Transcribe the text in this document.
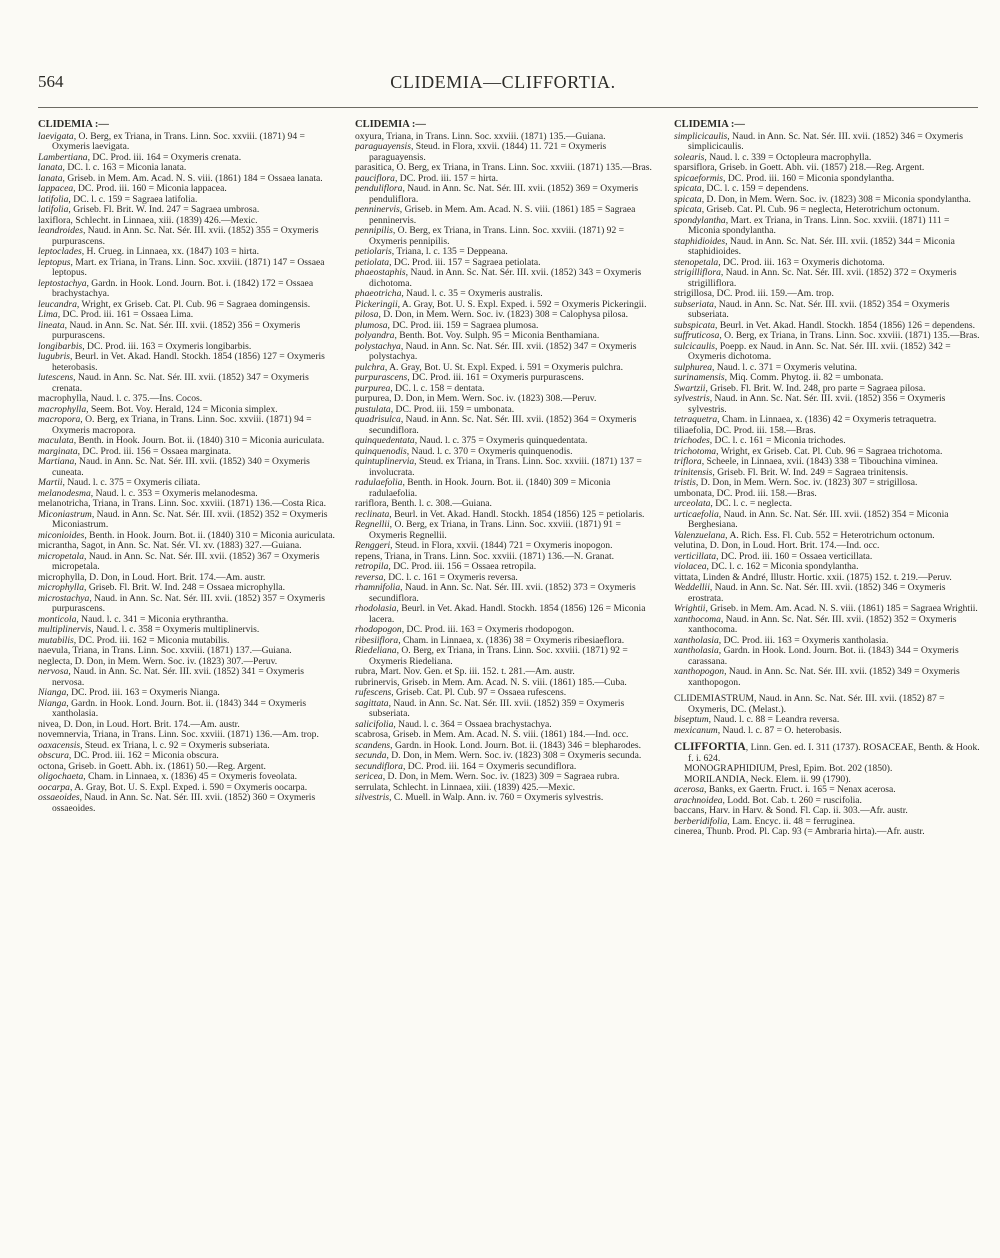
564	CLIDEMIA—CLIFFORTIA.
CLIDEMIA :—
laevigata, O. Berg, ex Triana, in Trans. Linn. Soc. xxviii. (1871) 94 = Oxymeris laevigata.
Lambertiana, DC. Prod. iii. 164 = Oxymeris crenata.
lanata, DC. l. c. 163 = Miconia lanata.
lanata, Griseb. in Mem. Am. Acad. N. S. viii. (1861) 184 = Ossaea lanata.
lappacea, DC. Prod. iii. 160 = Miconia lappacea.
latifolia, DC. l. c. 159 = Sagraea latifolia.
latifolia, Griseb. Fl. Brit. W. Ind. 247 = Sagraea umbrosa.
laxiflora, Schlecht. in Linnaea, xiii. (1839) 426.—Mexic.
leandroides, Naud. in Ann. Sc. Nat. Sér. III. xvii. (1852) 355 = Oxymeris purpurascens.
leptoclades, H. Crueg. in Linnaea, xx. (1847) 103 = hirta.
leptopus, Mart. ex Triana, in Trans. Linn. Soc. xxviii. (1871) 147 = Ossaea leptopus.
leptostachya, Gardn. in Hook. Lond. Journ. Bot. i. (1842) 172 = Ossaea brachystachya.
leucandra, Wright, ex Griseb. Cat. Pl. Cub. 96 = Sagraea domingensis.
Lima, DC. Prod. iii. 161 = Ossaea Lima.
lineata, Naud. in Ann. Sc. Nat. Sér. III. xvii. (1852) 356 = Oxymeris purpurascens.
longibarbis, DC. Prod. iii. 163 = Oxymeris longibarbis.
lugubris, Beurl. in Vet. Akad. Handl. Stockh. 1854 (1856) 127 = Oxymeris heterobasis.
lutescens, Naud. in Ann. Sc. Nat. Sér. III. xvii. (1852) 347 = Oxymeris crenata.
macrophylla, Naud. l. c. 375.—Ins. Cocos.
macrophylla, Seem. Bot. Voy. Herald, 124 = Miconia simplex.
macropora, O. Berg, ex Triana, in Trans. Linn. Soc. xxviii. (1871) 94 = Oxymeris macropora.
maculata, Benth. in Hook. Journ. Bot. ii. (1840) 310 = Miconia auriculata.
marginata, DC. Prod. iii. 156 = Ossaea marginata.
Martiana, Naud. in Ann. Sc. Nat. Sér. III. xvii. (1852) 340 = Oxymeris cuneata.
Martii, Naud. l. c. 375 = Oxymeris ciliata.
melanodesma, Naud. l. c. 353 = Oxymeris melanodesma.
melanotricha, Triana, in Trans. Linn. Soc. xxviii. (1871) 136.—Costa Rica.
Miconiastrum, Naud. in Ann. Sc. Nat. Sér. III. xvii. (1852) 352 = Oxymeris Miconiastrum.
miconioides, Benth. in Hook. Journ. Bot. ii. (1840) 310 = Miconia auriculata.
micrantha, Sagot, in Ann. Sc. Nat. Sér. VI. xv. (1883) 327.—Guiana.
micropetala, Naud. in Ann. Sc. Nat. Sér. III. xvii. (1852) 367 = Oxymeris micropetala.
microphylla, D. Don, in Loud. Hort. Brit. 174.—Am. austr.
microphylla, Griseb. Fl. Brit. W. Ind. 248 = Ossaea microphylla.
microstachya, Naud. in Ann. Sc. Nat. Sér. III. xvii. (1852) 357 = Oxymeris purpurascens.
monticola, Naud. l. c. 341 = Miconia erythrantha.
multiplinervis, Naud. l. c. 358 = Oxymeris multiplinervis.
mutabilis, DC. Prod. iii. 162 = Miconia mutabilis.
naevula, Triana, in Trans. Linn. Soc. xxviii. (1871) 137.—Guiana.
neglecta, D. Don, in Mem. Wern. Soc. iv. (1823) 307.—Peruv.
nervosa, Naud. in Ann. Sc. Nat. Sér. III. xvii. (1852) 341 = Oxymeris nervosa.
Nianga, DC. Prod. iii. 163 = Oxymeris Nianga.
Nianga, Gardn. in Hook. Lond. Journ. Bot. ii. (1843) 344 = Oxymeris xantholasia.
nivea, D. Don, in Loud. Hort. Brit. 174.—Am. austr.
novemnervia, Triana, in Trans. Linn. Soc. xxviii. (1871) 136.—Am. trop.
oaxacensis, Steud. ex Triana, l. c. 92 = Oxymeris subseriata.
obscura, DC. Prod. iii. 162 = Miconia obscura.
octona, Griseb. in Goett. Abh. ix. (1861) 50.—Reg. Argent.
oligochaeta, Cham. in Linnaea, x. (1836) 45 = Oxymeris foveolata.
oocarpa, A. Gray, Bot. U. S. Expl. Exped. i. 590 = Oxymeris oocarpa.
ossaeoides, Naud. in Ann. Sc. Nat. Sér. III. xvii. (1852) 360 = Oxymeris ossaeoides.
CLIDEMIA :—
oxyura, Triana, in Trans. Linn. Soc. xxviii. (1871) 135.—Guiana.
paraguayensis, Steud. in Flora, xxvii. (1844) 11. 721 = Oxymeris paraguayensis.
parasitica, O. Berg, ex Triana, in Trans. Linn. Soc. xxviii. (1871) 135.—Bras.
pauciflora, DC. Prod. iii. 157 = hirta.
penduliflora, Naud. in Ann. Sc. Nat. Sér. III. xvii. (1852) 369 = Oxymeris penduliflora.
penninervis, Griseb. in Mem. Am. Acad. N. S. viii. (1861) 185 = Sagraea penninervis.
pennipilis, O. Berg, ex Triana, in Trans. Linn. Soc. xxviii. (1871) 92 = Oxymeris pennipilis.
petiolaris, Triana, l. c. 135 = Deppeana.
petiolata, DC. Prod. iii. 157 = Sagraea petiolata.
phaeostaphis, Naud. in Ann. Sc. Nat. Sér. III. xvii. (1852) 343 = Oxymeris dichotoma.
phaeotricha, Naud. l. c. 35 = Oxymeris australis.
Pickeringii, A. Gray, Bot. U. S. Expl. Exped. i. 592 = Oxymeris Pickeringii.
pilosa, D. Don, in Mem. Wern. Soc. iv. (1823) 308 = Calophysa pilosa.
plumosa, DC. Prod. iii. 159 = Sagraea plumosa.
polyandra, Benth. Bot. Voy. Sulph. 95 = Miconia Benthamiana.
polystachya, Naud. in Ann. Sc. Nat. Sér. III. xvii. (1852) 347 = Oxymeris polystachya.
pulchra, A. Gray, Bot. U. St. Expl. Exped. i. 591 = Oxymeris pulchra.
purpurascens, DC. Prod. iii. 161 = Oxymeris purpurascens.
purpurea, DC. l. c. 158 = dentata.
purpurea, D. Don, in Mem. Wern. Soc. iv. (1823) 308.—Peruv.
pustulata, DC. Prod. iii. 159 = umbonata.
quadrisulca, Naud. in Ann. Sc. Nat. Sér. III. xvii. (1852) 364 = Oxymeris secundiflora.
quinquedentata, Naud. l. c. 375 = Oxymeris quinquedentata.
quinquenodis, Naud. l. c. 370 = Oxymeris quinquenodis.
quintuplinervia, Steud. ex Triana, in Trans. Linn. Soc. xxviii. (1871) 137 = involucrata.
radulaefolia, Benth. in Hook. Journ. Bot. ii. (1840) 309 = Miconia radulaefolia.
rariflora, Benth. l. c. 308.—Guiana.
reclinata, Beurl. in Vet. Akad. Handl. Stockh. 1854 (1856) 125 = petiolaris.
Regnellii, O. Berg, ex Triana, in Trans. Linn. Soc. xxviii. (1871) 91 = Oxymeris Regnellii.
Renggeri, Steud. in Flora, xxvii. (1844) 721 = Oxymeris inopogon.
repens, Triana, in Trans. Linn. Soc. xxviii. (1871) 136.—N. Granat.
retropila, DC. Prod. iii. 156 = Ossaea retropila.
reversa, DC. l. c. 161 = Oxymeris reversa.
rhamnifolia, Naud. in Ann. Sc. Nat. Sér. III. xvii. (1852) 373 = Oxymeris secundiflora.
rhodolasia, Beurl. in Vet. Akad. Handl. Stockh. 1854 (1856) 126 = Miconia lacera.
rhodopogon, DC. Prod. iii. 163 = Oxymeris rhodopogon.
ribesiiflora, Cham. in Linnaea, x. (1836) 38 = Oxymeris ribesiaeflora.
Riedeliana, O. Berg, ex Triana, in Trans. Linn. Soc. xxviii. (1871) 92 = Oxymeris Riedeliana.
rubra, Mart. Nov. Gen. et Sp. iii. 152. t. 281.—Am. austr.
rubrinervis, Griseb. in Mem. Am. Acad. N. S. viii. (1861) 185.—Cuba.
rufescens, Griseb. Cat. Pl. Cub. 97 = Ossaea rufescens.
sagittata, Naud. in Ann. Sc. Nat. Sér. III. xvii. (1852) 359 = Oxymeris subseriata.
salicifolia, Naud. l. c. 364 = Ossaea brachystachya.
scabrosa, Griseb. in Mem. Am. Acad. N. S. viii. (1861) 184.—Ind. occ.
scandens, Gardn. in Hook. Lond. Journ. Bot. ii. (1843) 346 = blepharodes.
secunda, D. Don, in Mem. Wern. Soc. iv. (1823) 308 = Oxymeris secunda.
secundiflora, DC. Prod. iii. 164 = Oxymeris secundiflora.
sericea, D. Don, in Mem. Wern. Soc. iv. (1823) 309 = Sagraea rubra.
serrulata, Schlecht. in Linnaea, xiii. (1839) 425.—Mexic.
silvestris, C. Muell. in Walp. Ann. iv. 760 = Oxymeris sylvestris.
CLIDEMIA :—
simplicicaulis, Naud. in Ann. Sc. Nat. Sér. III. xvii. (1852) 346 = Oxymeris simplicicaulis.
solearis, Naud. l. c. 339 = Octopleura macrophylla.
sparsiflora, Griseb. in Goett. Abh. vii. (1857) 218.—Reg. Argent.
spicaeformis, DC. Prod. iii. 160 = Miconia spondylantha.
spicata, DC. l. c. 159 = dependens.
spicata, D. Don, in Mem. Wern. Soc. iv. (1823) 308 = Miconia spondylantha.
spicata, Griseb. Cat. Pl. Cub. 96 = neglecta, Heterotrichum octonum.
spondylantha, Mart. ex Triana, in Trans. Linn. Soc. xxviii. (1871) 111 = Miconia spondylantha.
staphidioides, Naud. in Ann. Sc. Nat. Sér. III. xvii. (1852) 344 = Miconia staphidioides.
stenopetala, DC. Prod. iii. 163 = Oxymeris dichotoma.
strigilliflora, Naud. in Ann. Sc. Nat. Sér. III. xvii. (1852) 372 = Oxymeris strigilliflora.
strigillosa, DC. Prod. iii. 159.—Am. trop.
subseriata, Naud. in Ann. Sc. Nat. Sér. III. xvii. (1852) 354 = Oxymeris subseriata.
subspicata, Beurl. in Vet. Akad. Handl. Stockh. 1854 (1856) 126 = dependens.
suffruticosa, O. Berg, ex Triana, in Trans. Linn. Soc. xxviii. (1871) 135.—Bras.
sulcicaulis, Poepp. ex Naud. in Ann. Sc. Nat. Sér. III. xvii. (1852) 342 = Oxymeris dichotoma.
sulphurea, Naud. l. c. 371 = Oxymeris velutina.
surinamensis, Miq. Comm. Phytog. ii. 82 = umbonata.
Swartzii, Griseb. Fl. Brit. W. Ind. 248, pro parte = Sagraea pilosa.
sylvestris, Naud. in Ann. Sc. Nat. Sér. III. xvii. (1852) 356 = Oxymeris sylvestris.
tetraquetra, Cham. in Linnaea, x. (1836) 42 = Oxymeris tetraquetra.
tiliaefolia, DC. Prod. iii. 158.—Bras.
trichodes, DC. l. c. 161 = Miconia trichodes.
trichotoma, Wright, ex Griseb. Cat. Pl. Cub. 96 = Sagraea trichotoma.
triflora, Scheele, in Linnaea, xvii. (1843) 338 = Tibouchina viminea.
trinitensis, Griseb. Fl. Brit. W. Ind. 249 = Sagraea trinitensis.
tristis, D. Don, in Mem. Wern. Soc. iv. (1823) 307 = strigillosa.
umbonata, DC. Prod. iii. 158.—Bras.
urceolata, DC. l. c. = neglecta.
urticaefolia, Naud. in Ann. Sc. Nat. Sér. III. xvii. (1852) 354 = Miconia Berghesiana.
Valenzuelana, A. Rich. Ess. Fl. Cub. 552 = Heterotrichum octonum.
velutina, D. Don, in Loud. Hort. Brit. 174.—Ind. occ.
verticillata, DC. Prod. iii. 160 = Ossaea verticillata.
violacea, DC. l. c. 162 = Miconia spondylantha.
vittata, Linden & André, Illustr. Hortic. xxii. (1875) 152. t. 219.—Peruv.
Weddellii, Naud. in Ann. Sc. Nat. Sér. III. xvii. (1852) 346 = Oxymeris erostrata.
Wrightii, Griseb. in Mem. Am. Acad. N. S. viii. (1861) 185 = Sagraea Wrightii.
xanthocoma, Naud. in Ann. Sc. Nat. Sér. III. xvii. (1852) 352 = Oxymeris xanthocoma.
xantholasia, DC. Prod. iii. 163 = Oxymeris xantholasia.
xantholasia, Gardn. in Hook. Lond. Journ. Bot. ii. (1843) 344 = Oxymeris carassana.
xanthopogon, Naud. in Ann. Sc. Nat. Sér. III. xvii. (1852) 349 = Oxymeris xanthopogon.
CLIDEMIASTRUM, Naud. in Ann. Sc. Nat. Sér. III. xvii. (1852) 87 = Oxymeris, DC. (Melast.).
biseptum, Naud. l. c. 88 = Leandra reversa.
mexicanum, Naud. l. c. 87 = O. heterobasis.
CLIFFORTIA, Linn. Gen. ed. I. 311 (1737). ROSACEAE, Benth. & Hook. f. i. 624.
MONOGRAPHIDIUM, Presl, Epim. Bot. 202 (1850).
MORILANDIA, Neck. Elem. ii. 99 (1790).
acerosa, Banks, ex Gaertn. Fruct. i. 165 = Nenax acerosa.
arachnoidea, Lodd. Bot. Cab. t. 260 = ruscifolia.
baccans, Harv. in Harv. & Sond. Fl. Cap. ii. 303.—Afr. austr.
berberidifolia, Lam. Encyc. ii. 48 = ferruginea.
cinerea, Thunb. Prod. Pl. Cap. 93 (= Ambraria hirta).—Afr. austr.
